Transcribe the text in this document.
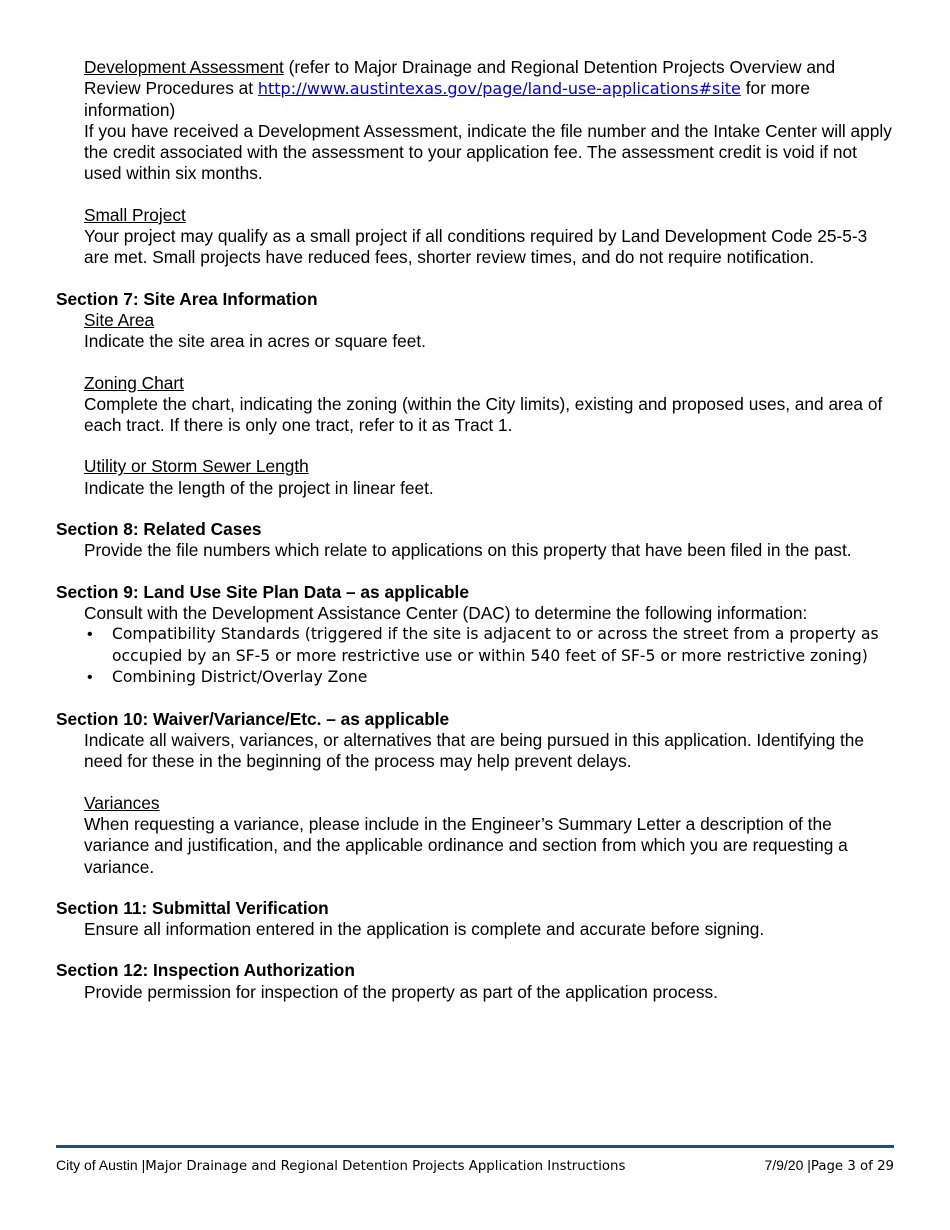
Development Assessment (refer to Major Drainage and Regional Detention Projects Overview and Review Procedures at http://www.austintexas.gov/page/land-use-applications#site for more information)
If you have received a Development Assessment, indicate the file number and the Intake Center will apply the credit associated with the assessment to your application fee. The assessment credit is void if not used within six months.
Small Project
Your project may qualify as a small project if all conditions required by Land Development Code 25-5-3 are met. Small projects have reduced fees, shorter review times, and do not require notification.
Section 7: Site Area Information
Site Area
Indicate the site area in acres or square feet.
Zoning Chart
Complete the chart, indicating the zoning (within the City limits), existing and proposed uses, and area of each tract. If there is only one tract, refer to it as Tract 1.
Utility or Storm Sewer Length
Indicate the length of the project in linear feet.
Section 8: Related Cases
Provide the file numbers which relate to applications on this property that have been filed in the past.
Section 9: Land Use Site Plan Data – as applicable
Consult with the Development Assistance Center (DAC) to determine the following information:
• Compatibility Standards (triggered if the site is adjacent to or across the street from a property as occupied by an SF-5 or more restrictive use or within 540 feet of SF-5 or more restrictive zoning)
• Combining District/Overlay Zone
Section 10: Waiver/Variance/Etc. – as applicable
Indicate all waivers, variances, or alternatives that are being pursued in this application. Identifying the need for these in the beginning of the process may help prevent delays.
Variances
When requesting a variance, please include in the Engineer’s Summary Letter a description of the variance and justification, and the applicable ordinance and section from which you are requesting a variance.
Section 11: Submittal Verification
Ensure all information entered in the application is complete and accurate before signing.
Section 12: Inspection Authorization
Provide permission for inspection of the property as part of the application process.
City of Austin |Major Drainage and Regional Detention Projects Application Instructions	7/9/20 |Page 3 of 29
